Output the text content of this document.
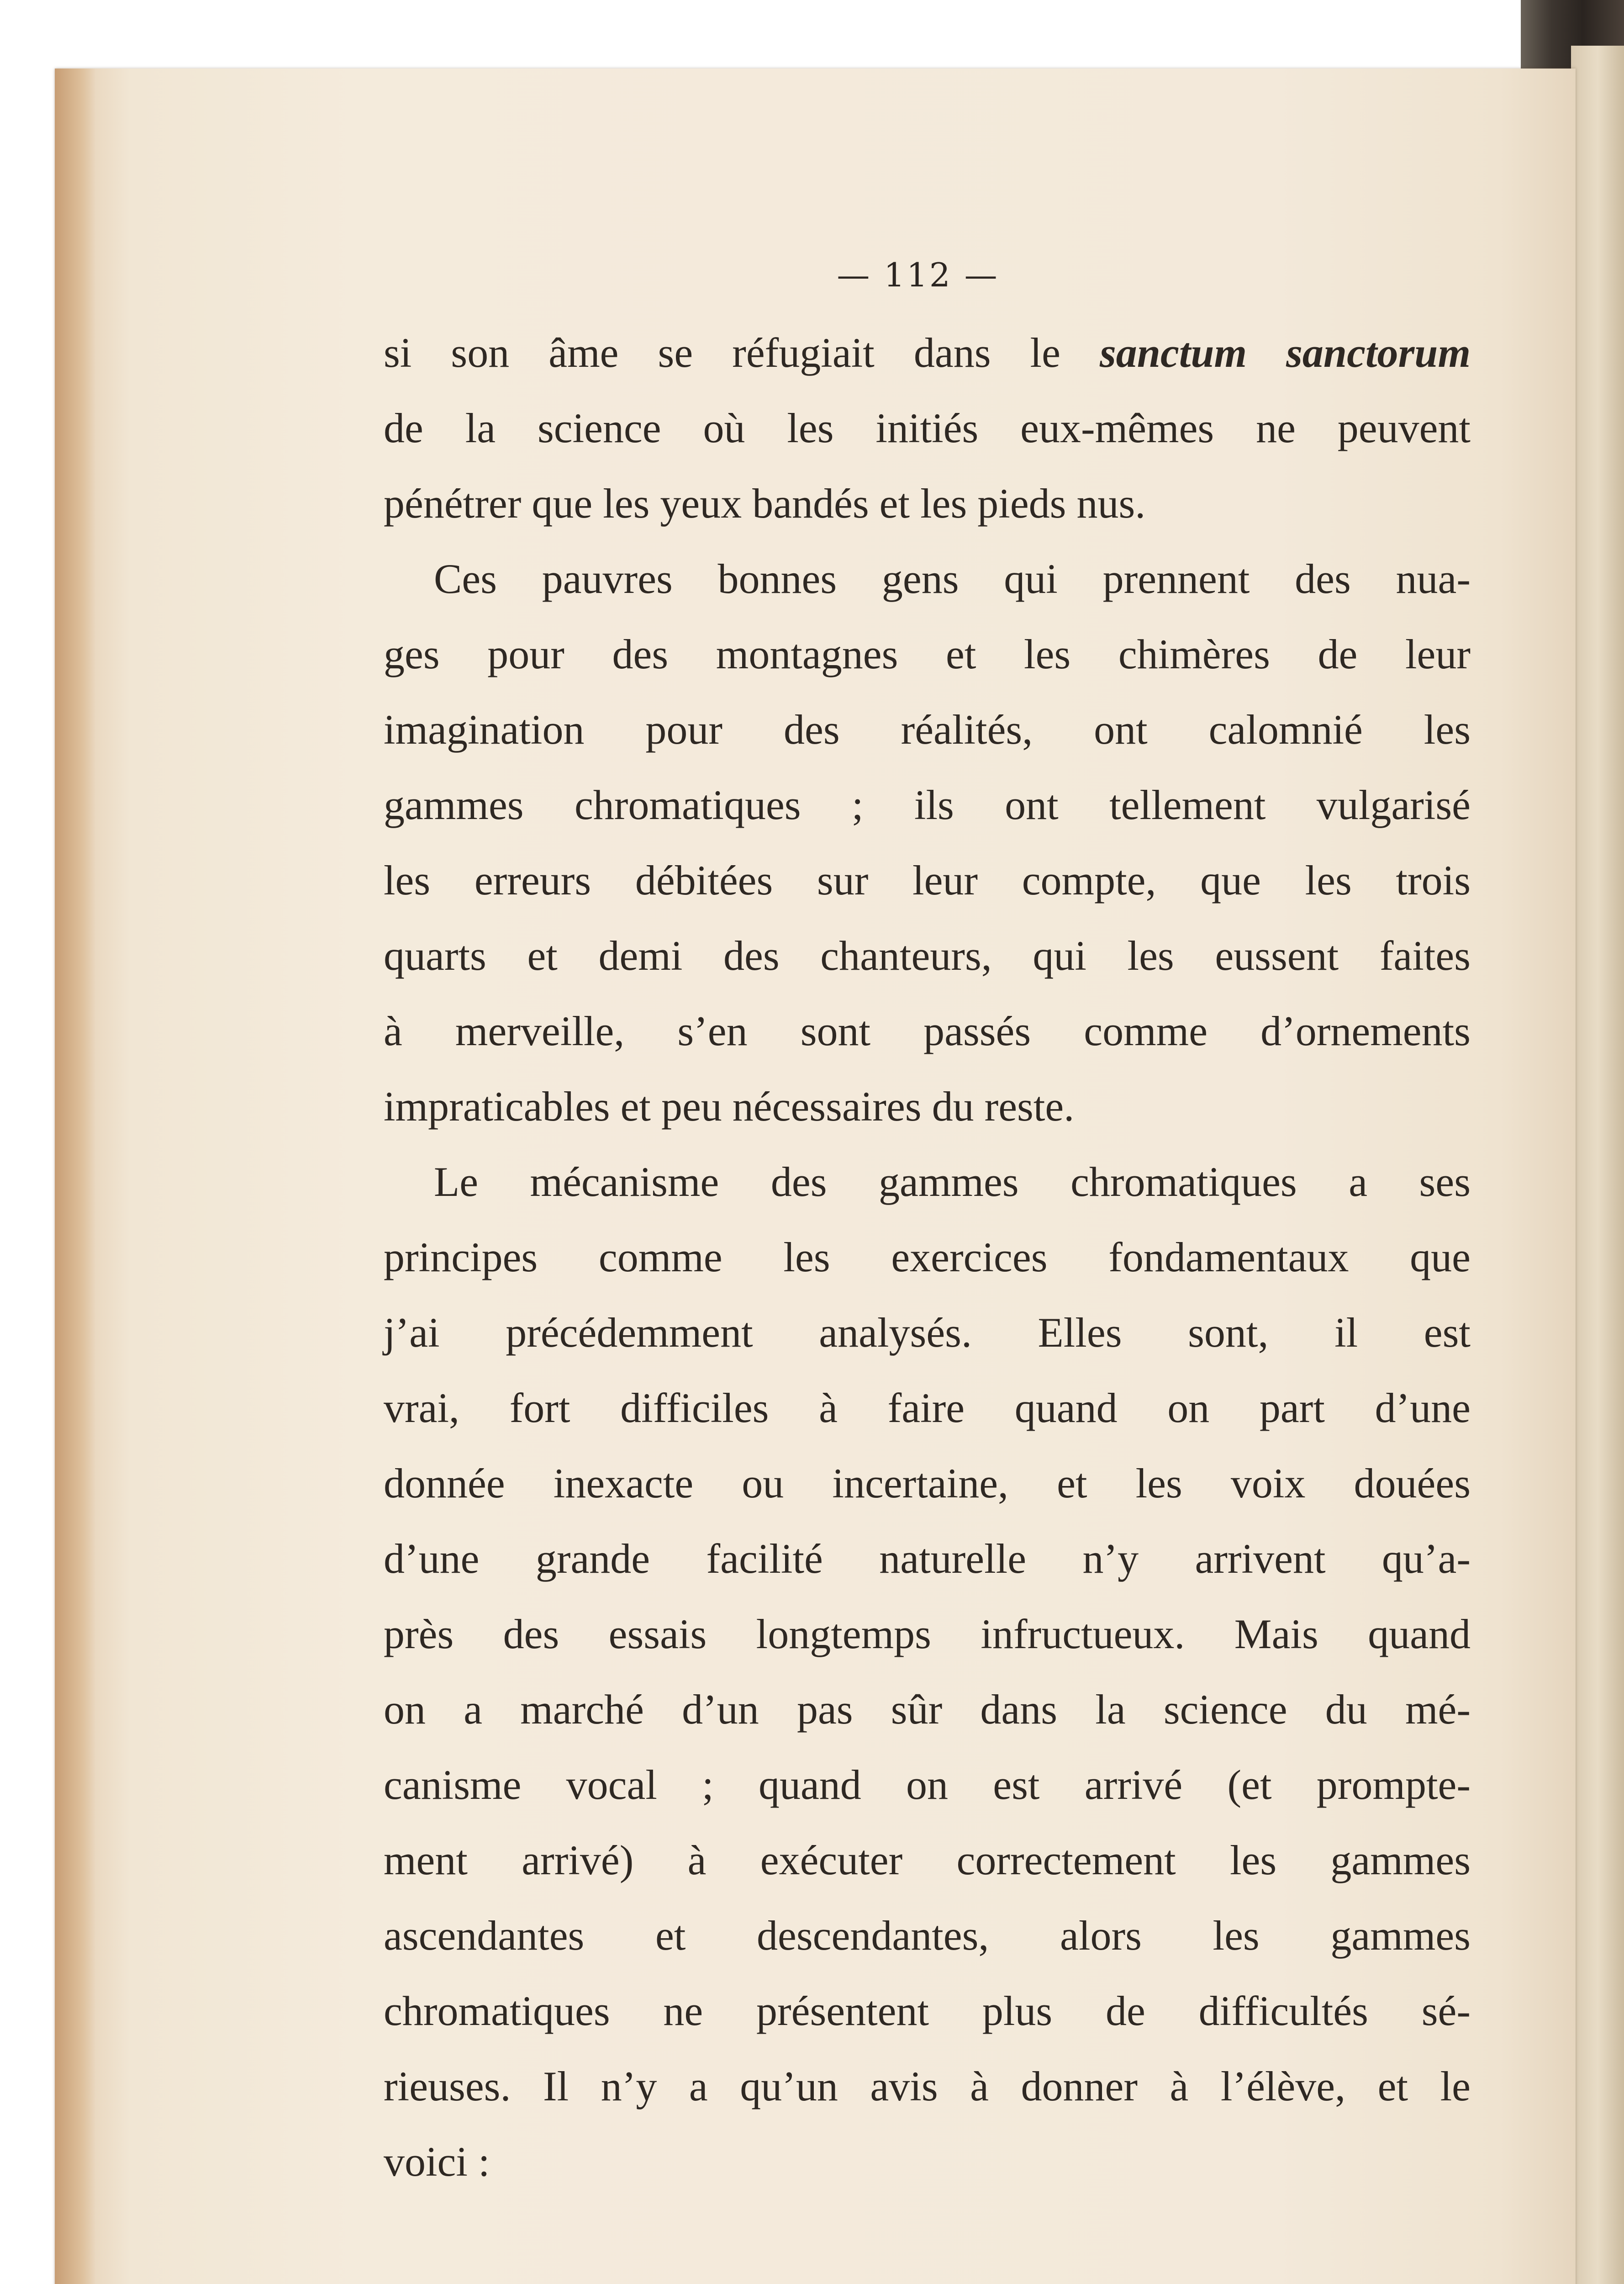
— 112 —
si son âme se réfugiait dans le sanctum sanctorum
de la science où les initiés eux-mêmes ne peuvent
pénétrer que les yeux bandés et les pieds nus.
Ces pauvres bonnes gens qui prennent des nua-
ges pour des montagnes et les chimères de leur
imagination pour des réalités, ont calomnié les
gammes chromatiques ; ils ont tellement vulgarisé
les erreurs débitées sur leur compte, que les trois
quarts et demi des chanteurs, qui les eussent faites
à merveille, s’en sont passés comme d’ornements
impraticables et peu nécessaires du reste.
Le mécanisme des gammes chromatiques a ses
principes comme les exercices fondamentaux que
j’ai précédemment analysés. Elles sont, il est
vrai, fort difficiles à faire quand on part d’une
donnée inexacte ou incertaine, et les voix douées
d’une grande facilité naturelle n’y arrivent qu’a-
près des essais longtemps infructueux. Mais quand
on a marché d’un pas sûr dans la science du mé-
canisme vocal ; quand on est arrivé (et prompte-
ment arrivé) à exécuter correctement les gammes
ascendantes et descendantes, alors les gammes
chromatiques ne présentent plus de difficultés sé-
rieuses. Il n’y a qu’un avis à donner à l’élève, et le
voici :
